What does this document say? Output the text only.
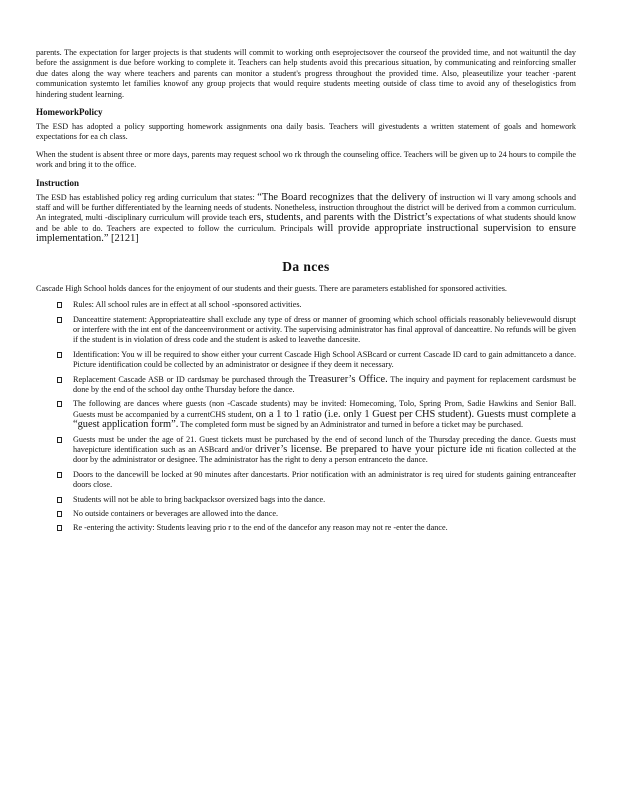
parents. The expectation for larger projects is that students will commit to working onth eseprojectsover the courseof the provided time, and not waituntil the day before the assignment is due before working to complete it. Teachers can help students avoid this precarious situation, by communicating and reinforcing smaller due dates along the way where teachers and parents can monitor a student's progress throughout the provided time. Also, pleaseutilize your teacher -parent communication systemto let families knowof any group projects that would require students meeting outside of class time to avoid any of theselogistics from hindering student learning.

HomeworkPolicy

The ESD has adopted a policy supporting homework assignments ona daily basis. Teachers will givestudents a written statement of goals and homework expectations for ea ch class.

When the student is absent three or more days, parents may request school wo rk through the counseling office. Teachers will be given up to 24 hours to compile the work and bring it to the office.

Instruction

The ESD has established policy reg arding curriculum that states: “The Board recognizes that the delivery of instruction wi ll vary among schools and staff and will be further differentiated by the learning needs of students. Nonetheless, instruction throughout the district will be derived from a common curriculum. An integrated, multi -disciplinary curriculum will provide teach ers, students, and parents with the District’s expectations of what students should know and be able to do. Teachers are expected to follow the curriculum. Principals will provide appropriate instructional supervision to ensure implementation.” [2121]

Da nces

Cascade High School holds dances for the enjoyment of our students and their guests. There are parameters established for sponsored activities.

Rules: All school rules are in effect at all school -sponsored activities.
Danceattire statement: Appropriateattire shall exclude any type of dress or manner of grooming which school officials reasonably believewould disrupt or interfere with the int ent of the danceenvironment or activity. The supervising administrator has final approval of danceattire. No refunds will be given if the student is in violation of dress code and the student is asked to leavethe dancesite.
Identification: You w ill be required to show either your current Cascade High School ASBcard or current Cascade ID card to gain admittanceto a dance. Picture identification could be collected by an administrator or designee if they deem it necessary.
Replacement Cascade ASB or ID cardsmay be purchased through the Treasurer’s Office. The inquiry and payment for replacement cardsmust be done by the end of the school day onthe Thursday before the dance.
The following are dances where guests (non -Cascade students) may be invited: Homecoming, Tolo, Spring Prom, Sadie Hawkins and Senior Ball. Guests must be accompanied by a currentCHS student, on a 1 to 1 ratio (i.e. only 1 Guest per CHS student). Guests must complete a “guest application form”. The completed form must be signed by an Administrator and turned in before a ticket may be purchased.
Guests must be under the age of 21. Guest tickets must be purchased by the end of second lunch of the Thursday preceding the dance. Guests must havepicture identification such as an ASBcard and/or driver’s license. Be prepared to have your picture ide nti fication collected at the door by the administrator or designee. The administrator has the right to deny a person entranceto the dance.
Doors to the dancewill be locked at 90 minutes after dancestarts. Prior notification with an administrator is req uired for students gaining entranceafter doors close.
Students will not be able to bring backpacksor oversized bags into the dance.
No outside containers or beverages are allowed into the dance.
Re -entering the activity: Students leaving prio r to the end of the dancefor any reason may not re -enter the dance.
